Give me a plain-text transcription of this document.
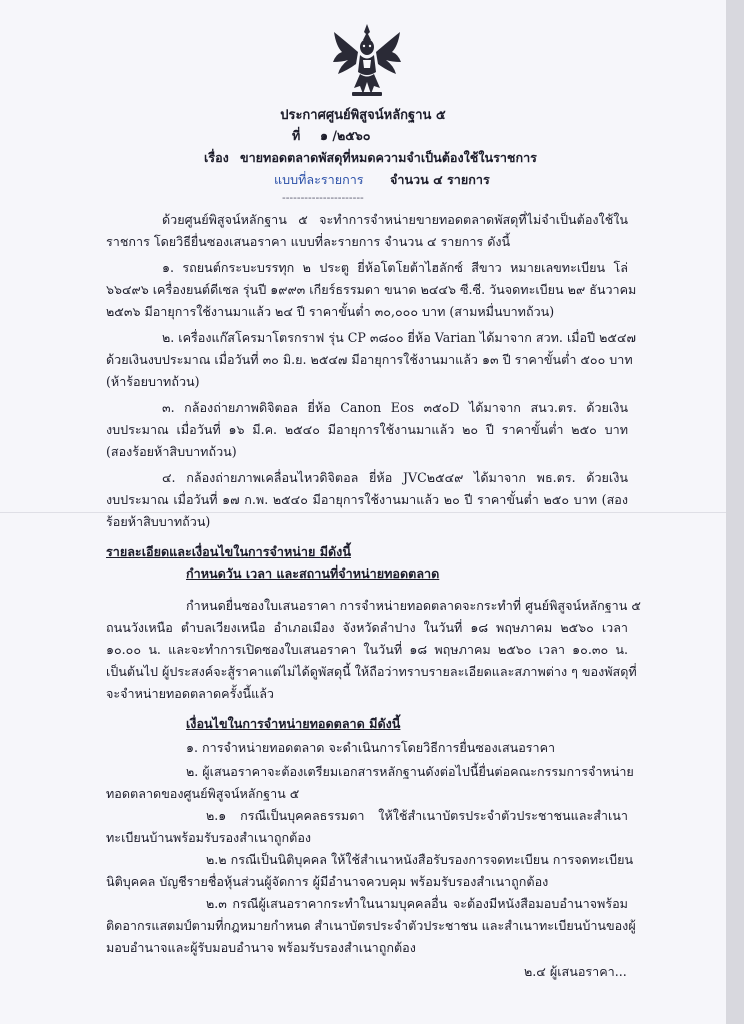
ประกาศศูนย์พิสูจน์หลักฐาน ๕
ที่ ๑ /๒๕๖๐
เรื่อง ขายทอดตลาดพัสดุที่หมดความจำเป็นต้องใช้ในราชการ
แบบที่ละรายการ จำนวน ๔ รายการ
----------------------
ด้วยศูนย์พิสูจน์หลักฐาน ๕ จะทำการจำหน่ายขายทอดตลาดพัสดุที่ไม่จำเป็นต้องใช้ใน
ราชการ โดยวิธียื่นซองเสนอราคา แบบที่ละรายการ จำนวน ๔ รายการ ดังนี้
๑. รถยนต์กระบะบรรทุก ๒ ประตู ยี่ห้อโตโยต้าไฮลักซ์ สีขาว หมายเลขทะเบียน โล่
๖๖๔๙๖ เครื่องยนต์ดีเซล รุ่นปี ๑๙๙๓ เกียร์ธรรมดา ขนาด ๒๔๔๖ ซี.ซี. วันจดทะเบียน ๒๙ ธันวาคม
๒๕๓๖ มีอายุการใช้งานมาแล้ว ๒๔ ปี ราคาขั้นต่ำ ๓๐,๐๐๐ บาท (สามหมื่นบาทถ้วน)
๒. เครื่องแก๊สโครมาโตรกราฟ รุ่น CP ๓๘๐๐ ยี่ห้อ Varian ได้มาจาก สวท. เมื่อปี ๒๕๔๗
ด้วยเงินงบประมาณ เมื่อวันที่ ๓๐ มิ.ย. ๒๕๔๗ มีอายุการใช้งานมาแล้ว ๑๓ ปี ราคาขั้นต่ำ ๕๐๐ บาท
(ห้าร้อยบาทถ้วน)
๓. กล้องถ่ายภาพดิจิตอล ยี่ห้อ Canon Eos ๓๕๐D ได้มาจาก สนว.ตร. ด้วยเงิน
งบประมาณ เมื่อวันที่ ๑๖ มี.ค. ๒๕๔๐ มีอายุการใช้งานมาแล้ว ๒๐ ปี ราคาขั้นต่ำ ๒๕๐ บาท
(สองร้อยห้าสิบบาทถ้วน)
๔. กล้องถ่ายภาพเคลื่อนไหวดิจิตอล ยี่ห้อ JVC๒๕๔๙ ได้มาจาก พธ.ตร. ด้วยเงิน
งบประมาณ เมื่อวันที่ ๑๗ ก.พ. ๒๕๔๐ มีอายุการใช้งานมาแล้ว ๒๐ ปี ราคาขั้นต่ำ ๒๕๐ บาท (สอง
ร้อยห้าสิบบาทถ้วน)
รายละเอียดและเงื่อนไขในการจำหน่าย มีดังนี้
กำหนดวัน เวลา และสถานที่จำหน่ายทอดตลาด
กำหนดยื่นซองใบเสนอราคา การจำหน่ายทอดตลาดจะกระทำที่ ศูนย์พิสูจน์หลักฐาน ๕
ถนนวังเหนือ ตำบลเวียงเหนือ อำเภอเมือง จังหวัดลำปาง ในวันที่ ๑๘ พฤษภาคม ๒๕๖๐ เวลา
๑๐.๐๐ น. และจะทำการเปิดซองใบเสนอราคา ในวันที่ ๑๘ พฤษภาคม ๒๕๖๐ เวลา ๑๐.๓๐ น.
เป็นต้นไป ผู้ประสงค์จะสู้ราคาแต่ไม่ได้ดูพัสดุนี้ ให้ถือว่าทราบรายละเอียดและสภาพต่าง ๆ ของพัสดุที่
จะจำหน่ายทอดตลาดครั้งนี้แล้ว
เงื่อนไขในการจำหน่ายทอดตลาด มีดังนี้
๑. การจำหน่ายทอดตลาด จะดำเนินการโดยวิธีการยื่นซองเสนอราคา
๒. ผู้เสนอราคาจะต้องเตรียมเอกสารหลักฐานดังต่อไปนี้ยื่นต่อคณะกรรมการจำหน่าย
ทอดตลาดของศูนย์พิสูจน์หลักฐาน ๕
๒.๑ กรณีเป็นบุคคลธรรมดา ให้ใช้สำเนาบัตรประจำตัวประชาชนและสำเนา
ทะเบียนบ้านพร้อมรับรองสำเนาถูกต้อง
๒.๒ กรณีเป็นนิติบุคคล ให้ใช้สำเนาหนังสือรับรองการจดทะเบียน การจดทะเบียน
นิติบุคคล บัญชีรายชื่อหุ้นส่วนผู้จัดการ ผู้มีอำนาจควบคุม พร้อมรับรองสำเนาถูกต้อง
๒.๓ กรณีผู้เสนอราคากระทำในนามบุคคลอื่น จะต้องมีหนังสือมอบอำนาจพร้อม
ติดอากรแสตมป์ตามที่กฎหมายกำหนด สำเนาบัตรประจำตัวประชาชน และสำเนาทะเบียนบ้านของผู้
มอบอำนาจและผู้รับมอบอำนาจ พร้อมรับรองสำเนาถูกต้อง
๒.๔ ผู้เสนอราคา...
